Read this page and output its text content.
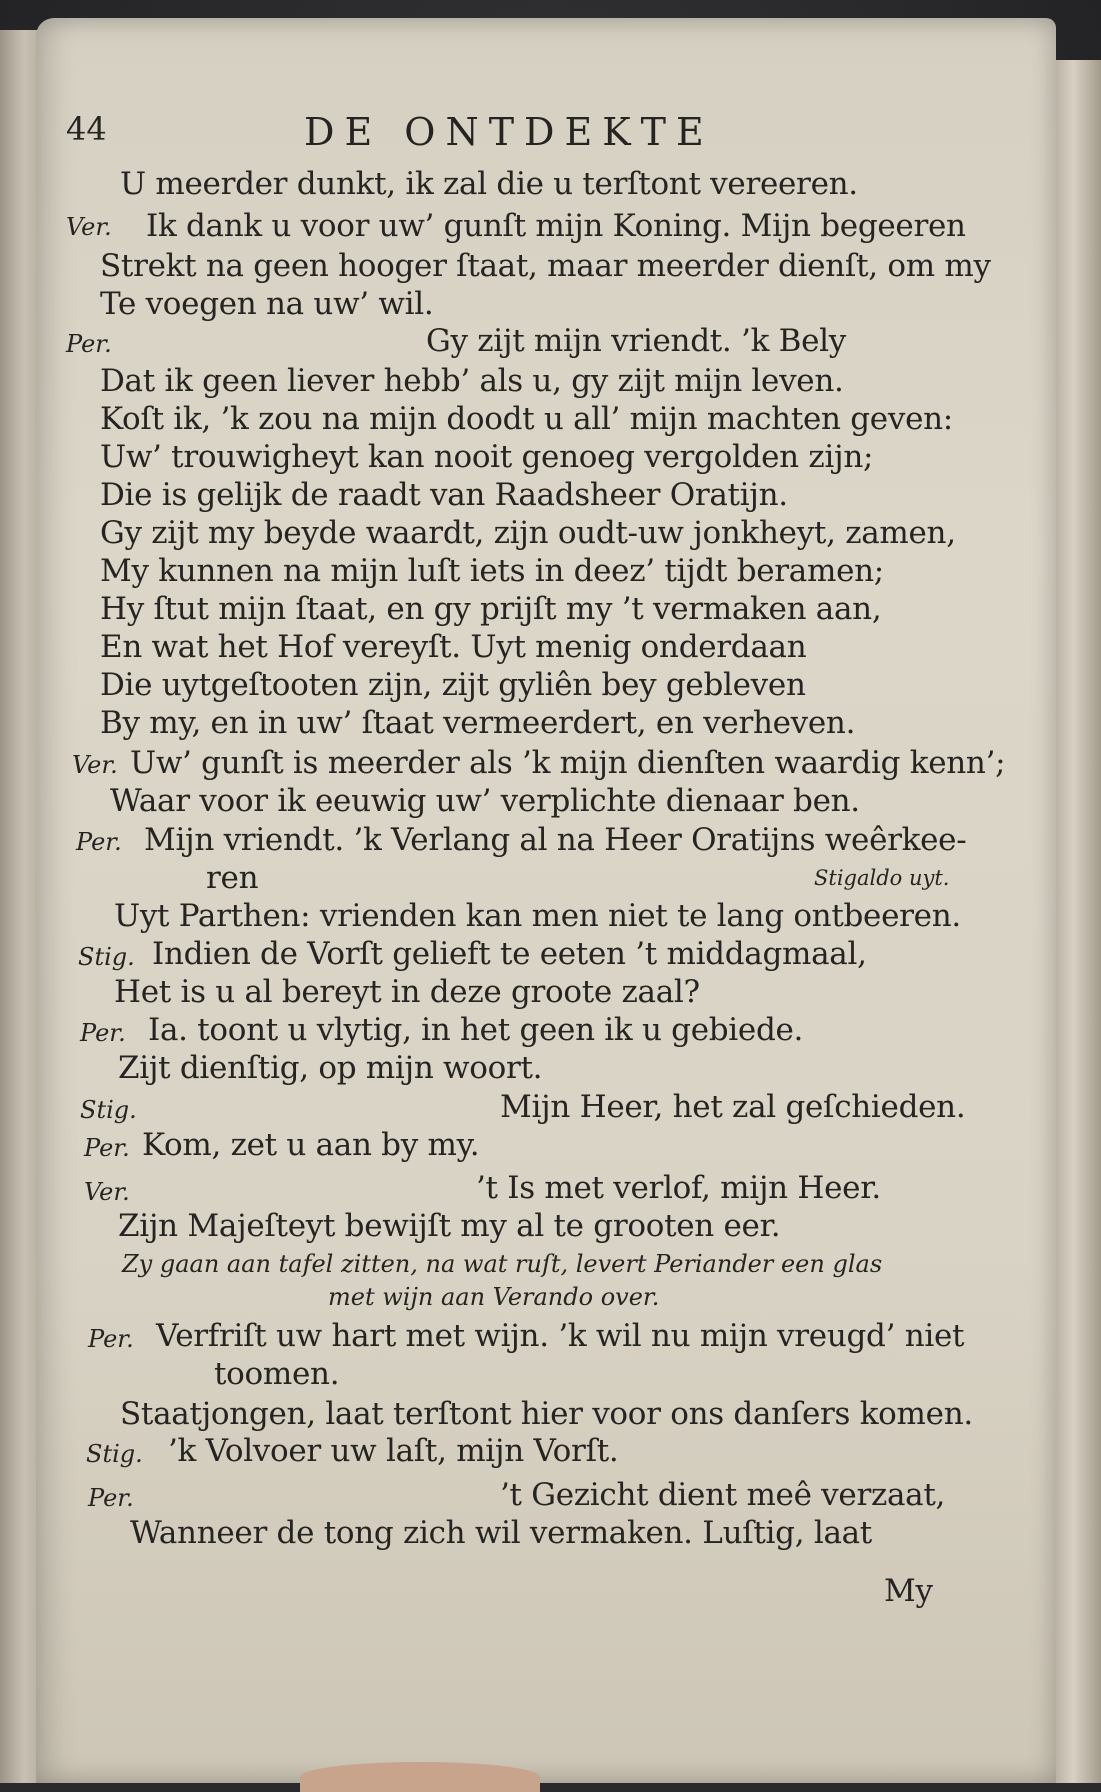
44	DE ONTDEKTE
U meerder dunkt, ik zal die u terſtont vereeren.
Ver. Ik dank u voor uw’ gunſt mijn Koning. Mijn begeeren
Strekt na geen hooger ſtaat, maar meerder dienſt, om my
Te voegen na uw’ wil.
Per.	Gy zijt mijn vriendt. ’k Bely
Dat ik geen liever hebb’ als u, gy zijt mijn leven.
Koſt ik, ’k zou na mijn doodt u all’ mijn machten geven:
Uw’ trouwigheyt kan nooit genoeg vergolden zijn;
Die is gelijk de raadt van Raadsheer Oratijn.
Gy zijt my beyde waardt, zijn oudt-uw jonkheyt, zamen,
My kunnen na mijn luſt iets in deez’ tijdt beramen;
Hy ſtut mijn ſtaat, en gy prijſt my ’t vermaken aan,
En wat het Hof vereyſt. Uyt menig onderdaan
Die uytgeſtooten zijn, zijt gyliên bey gebleven
By my, en in uw’ ſtaat vermeerdert, en verheven.
Ver. Uw’ gunſt is meerder als ’k mijn dienſten waardig kenn’;
Waar voor ik eeuwig uw’ verplichte dienaar ben.
Per. Mijn vriendt. ’k Verlang al na Heer Oratijns weêrkee-
ren	Stigaldo uyt.
Uyt Parthen: vrienden kan men niet te lang ontbeeren.
Stig. Indien de Vorſt gelieft te eeten ’t middagmaal,
Het is u al bereyt in deze groote zaal?
Per. Ia. toont u vlytig, in het geen ik u gebiede.
Zijt dienſtig, op mijn woort.
Stig.	Mijn Heer, het zal geſchieden.
Per. Kom, zet u aan by my.
Ver.	’t Is met verlof, mijn Heer.
Zijn Majeſteyt bewijſt my al te grooten eer.
Zy gaan aan tafel zitten, na wat ruſt, levert Periander een glas
met wijn aan Verando over.
Per. Verfriſt uw hart met wijn. ’k wil nu mijn vreugd’ niet
toomen.
Staatjongen, laat terſtont hier voor ons danſers komen.
Stig. ’k Volvoer uw laſt, mijn Vorſt.
Per.	’t Gezicht dient meê verzaat,
Wanneer de tong zich wil vermaken. Luſtig, laat
My
